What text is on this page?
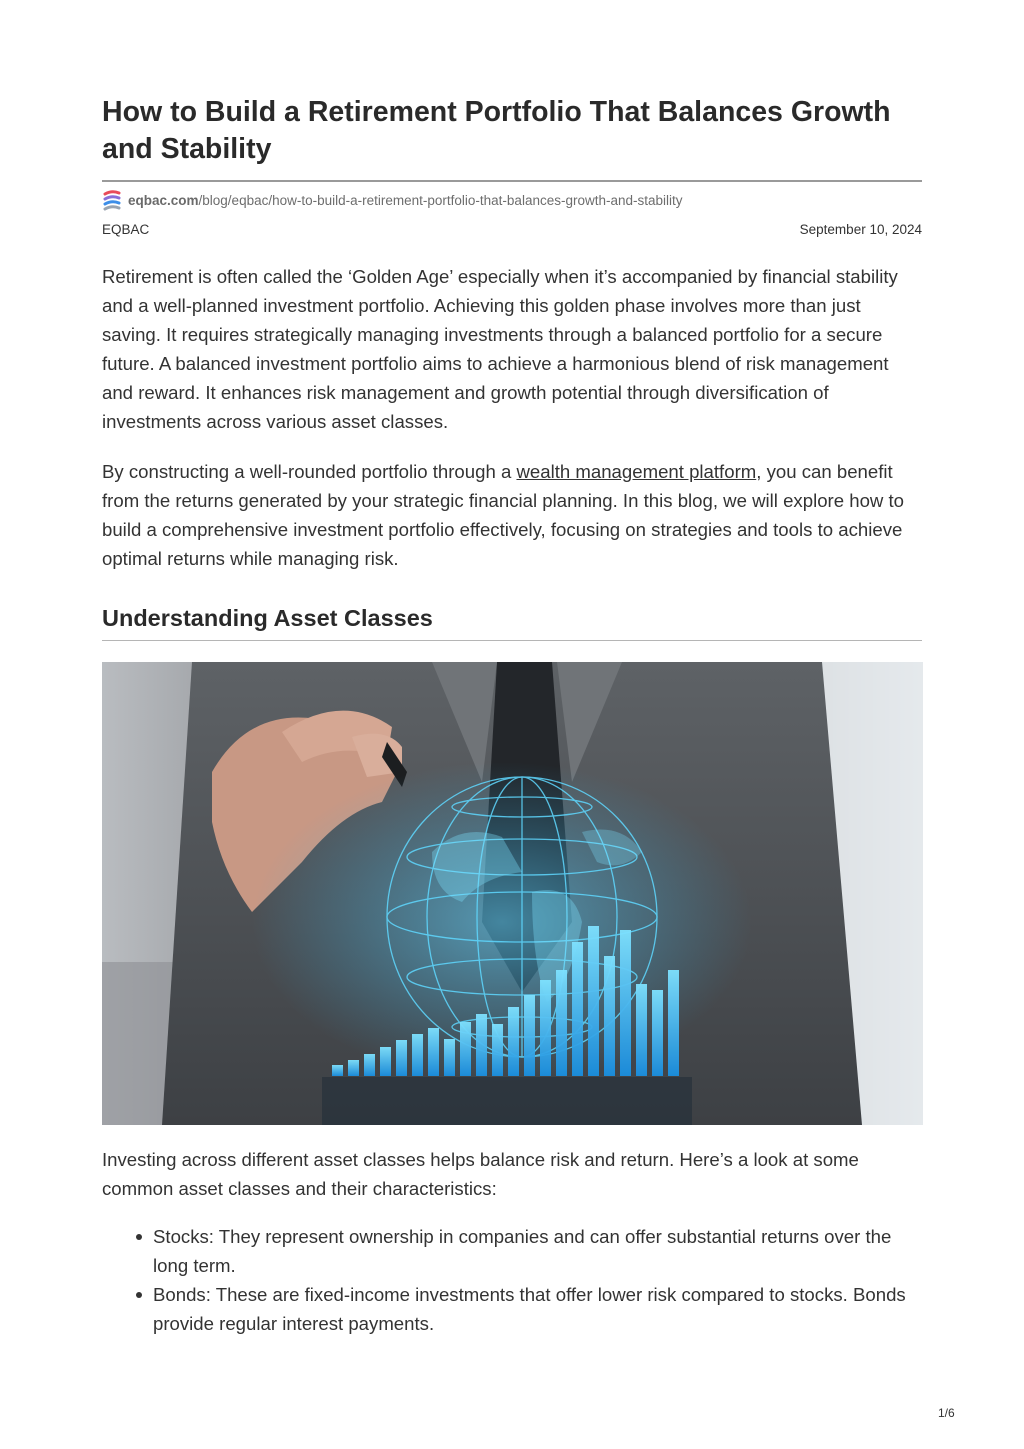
How to Build a Retirement Portfolio That Balances Growth and Stability
eqbac.com /blog/eqbac/how-to-build-a-retirement-portfolio-that-balances-growth-and-stability
EQBAC	September 10, 2024

Retirement is often called the ‘Golden Age’ especially when it’s accompanied by financial stability and a well-planned investment portfolio. Achieving this golden phase involves more than just saving. It requires strategically managing investments through a balanced portfolio for a secure future. A balanced investment portfolio aims to achieve a harmonious blend of risk management and reward. It enhances risk management and growth potential through diversification of investments across various asset classes.

By constructing a well-rounded portfolio through a wealth management platform, you can benefit from the returns generated by your strategic financial planning. In this blog, we will explore how to build a comprehensive investment portfolio effectively, focusing on strategies and tools to achieve optimal returns while managing risk.

Understanding Asset Classes

Investing across different asset classes helps balance risk and return. Here’s a look at some common asset classes and their characteristics:

Stocks: They represent ownership in companies and can offer substantial returns over the long term.
Bonds: These are fixed-income investments that offer lower risk compared to stocks. Bonds provide regular interest payments.
1/6
